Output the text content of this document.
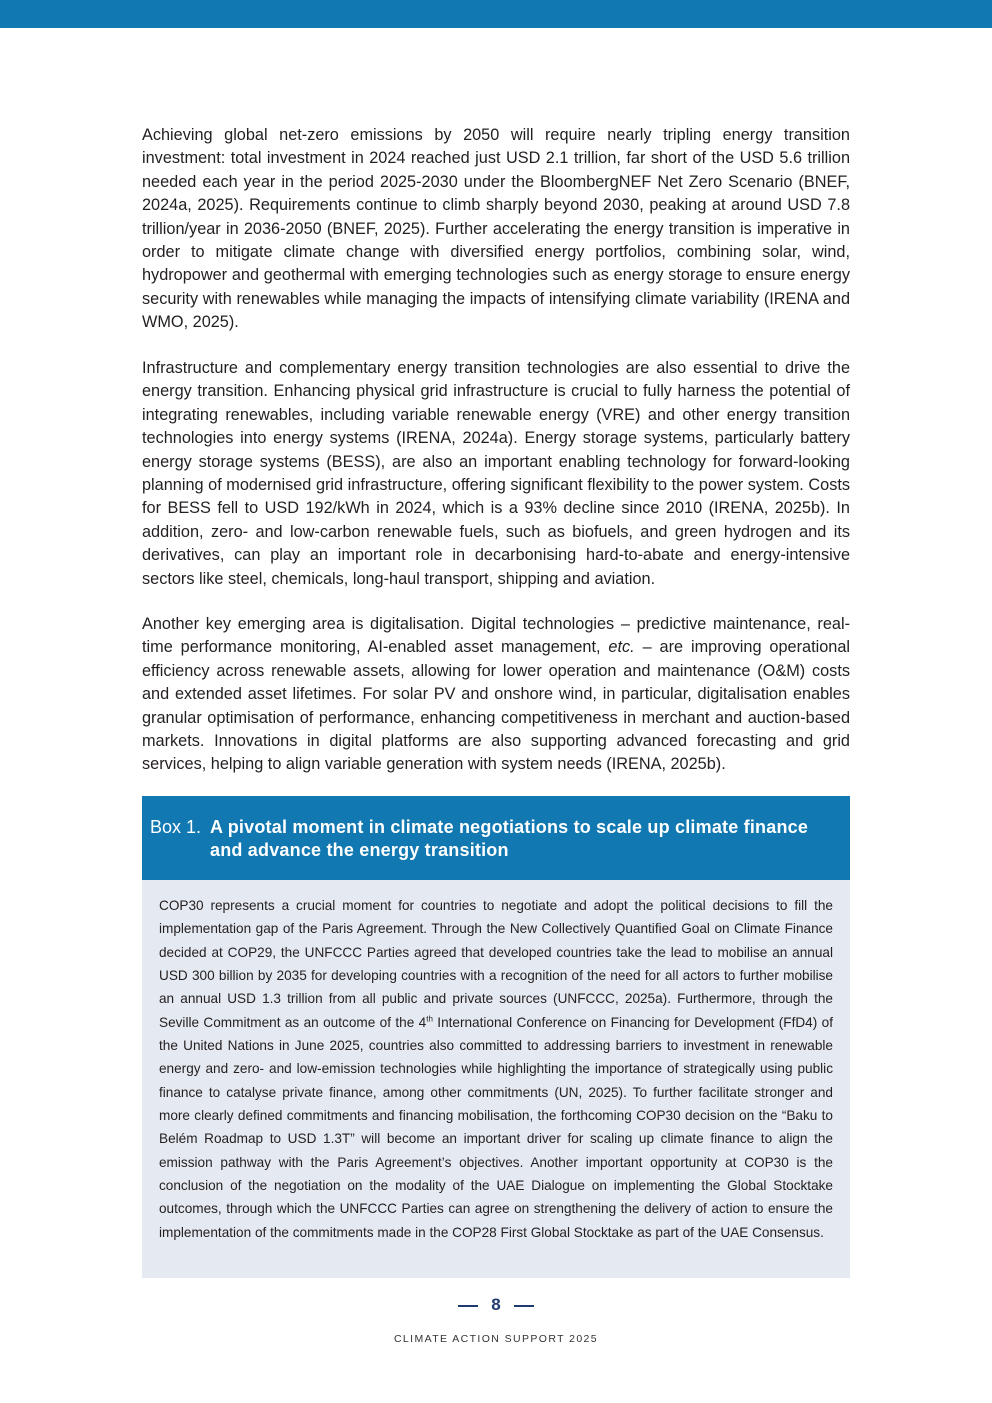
Achieving global net-zero emissions by 2050 will require nearly tripling energy transition investment: total investment in 2024 reached just USD 2.1 trillion, far short of the USD 5.6 trillion needed each year in the period 2025-2030 under the BloombergNEF Net Zero Scenario (BNEF, 2024a, 2025). Requirements continue to climb sharply beyond 2030, peaking at around USD 7.8 trillion/year in 2036-2050 (BNEF, 2025). Further accelerating the energy transition is imperative in order to mitigate climate change with diversified energy portfolios, combining solar, wind, hydropower and geothermal with emerging technologies such as energy storage to ensure energy security with renewables while managing the impacts of intensifying climate variability (IRENA and WMO, 2025).

Infrastructure and complementary energy transition technologies are also essential to drive the energy transition. Enhancing physical grid infrastructure is crucial to fully harness the potential of integrating renewables, including variable renewable energy (VRE) and other energy transition technologies into energy systems (IRENA, 2024a). Energy storage systems, particularly battery energy storage systems (BESS), are also an important enabling technology for forward-looking planning of modernised grid infrastructure, offering significant flexibility to the power system. Costs for BESS fell to USD 192/kWh in 2024, which is a 93% decline since 2010 (IRENA, 2025b). In addition, zero- and low-carbon renewable fuels, such as biofuels, and green hydrogen and its derivatives, can play an important role in decarbonising hard-to-abate and energy-intensive sectors like steel, chemicals, long-haul transport, shipping and aviation.

Another key emerging area is digitalisation. Digital technologies – predictive maintenance, real-time performance monitoring, AI-enabled asset management, etc. – are improving operational efficiency across renewable assets, allowing for lower operation and maintenance (O&M) costs and extended asset lifetimes. For solar PV and onshore wind, in particular, digitalisation enables granular optimisation of performance, enhancing competitiveness in merchant and auction-based markets. Innovations in digital platforms are also supporting advanced forecasting and grid services, helping to align variable generation with system needs (IRENA, 2025b).

Box 1. A pivotal moment in climate negotiations to scale up climate finance and advance the energy transition

COP30 represents a crucial moment for countries to negotiate and adopt the political decisions to fill the implementation gap of the Paris Agreement. Through the New Collectively Quantified Goal on Climate Finance decided at COP29, the UNFCCC Parties agreed that developed countries take the lead to mobilise an annual USD 300 billion by 2035 for developing countries with a recognition of the need for all actors to further mobilise an annual USD 1.3 trillion from all public and private sources (UNFCCC, 2025a). Furthermore, through the Seville Commitment as an outcome of the 4th International Conference on Financing for Development (FfD4) of the United Nations in June 2025, countries also committed to addressing barriers to investment in renewable energy and zero- and low-emission technologies while highlighting the importance of strategically using public finance to catalyse private finance, among other commitments (UN, 2025). To further facilitate stronger and more clearly defined commitments and financing mobilisation, the forthcoming COP30 decision on the “Baku to Belém Roadmap to USD 1.3T” will become an important driver for scaling up climate finance to align the emission pathway with the Paris Agreement’s objectives. Another important opportunity at COP30 is the conclusion of the negotiation on the modality of the UAE Dialogue on implementing the Global Stocktake outcomes, through which the UNFCCC Parties can agree on strengthening the delivery of action to ensure the implementation of the commitments made in the COP28 First Global Stocktake as part of the UAE Consensus.

8
CLIMATE ACTION SUPPORT 2025
